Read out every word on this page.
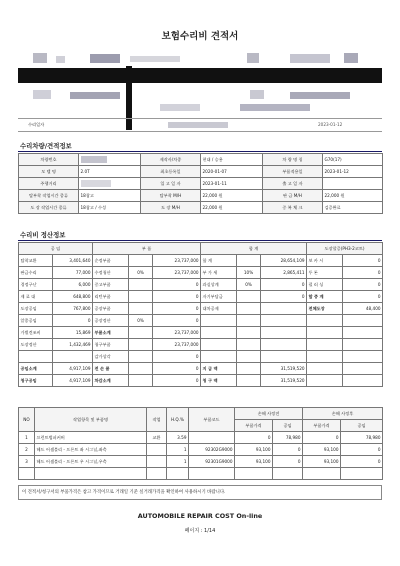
보험수리비 견적서
수리일자	2023-01-12
수리차량/견적정보
차량번호		제작사/차종	현대 / 승용	차 량 명 칭	G70(17)
모 델 명	2.0T	최초등록일	2020-01-07	부품적용일	2023-01-12
주행거리		입 고 일 자	2023-01-11	출 고 일 자	
탈부착 작업시간 종류	18참고	탈부착 M/H	22,000 원	판 금 M/H	22,000 원
도 장 작업시간 종류	18참고 / 수성	도 장 M/H	22,000 원	중 복 체 크	검증완료
수리비 정산정보
공 임		부 품			합 계			도장할증(PH3-2코트)	
탈착교환	3,401,640	순정부품		23,737,000	합 계		28,654,109	보 카 시	0
판금수리	77,000	수정청산	0%	23,737,000	부 가 세	10%	2,865,411	투 톤	0
경정구난	6,000	중고부품		0	과실상계	0%	0	펄 러 싱	0
제 료 대	648,800	리턴부품		0	자기부담금		0	할 증 계	0
도장공임	767,800	공장부품		0	대차공제			전체도장	48,400
알종공임	0	공장정산	0%	0					
가별견조비	15,869	부품소계		23,737,000					
도장정산	1,432,469	청구부품		23,737,000					
		감가상각		0					
공임소계	4,917,109	전 손 품		0	지 급 액		31,519,520		
청구공임	4,917,109	차감소계		0	청 구 액		31,519,520		
NO	작업항목 및 부품명	작업	H.Q.%	부품코드	손해 사정전		손해 사정후	
					부품가격	공임	부품가격	공임
1	프런트범퍼커버	교환	3.59		0	78,980	0	78,980
2	헤드 어셈블리 - 프론트 좌 시그널,좌측		1	92302G9000	93,100	0	93,100	0
3	헤드 어셈블리 - 프론트 우 시그널,우측		1	92301G9000	93,100	0	93,100	0

이 견적서/청구서의 부품가격은 참고 가격이므로 거래일 기준 실거래가격을 확인하여 사용하시기 바랍니다.
AUTOMOBILE REPAIR COST On-line
페이지 : 1/14
